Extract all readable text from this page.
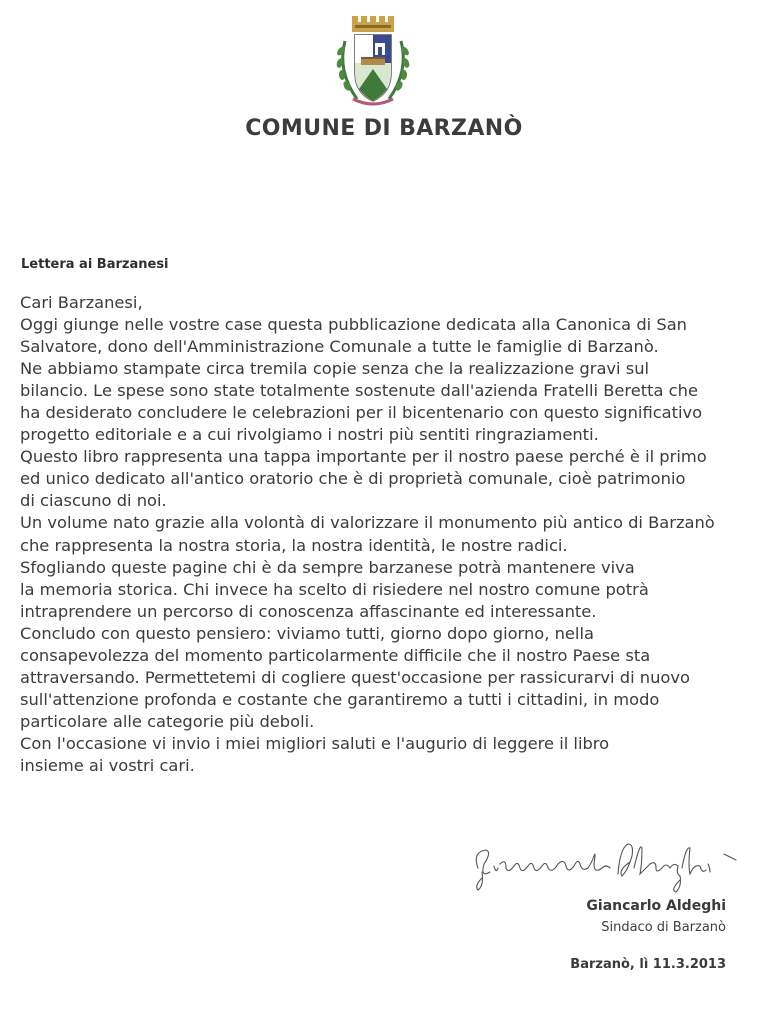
COMUNE DI BARZANÒ
Lettera ai Barzanesi
Cari Barzanesi,
Oggi giunge nelle vostre case questa pubblicazione dedicata alla Canonica di San
Salvatore, dono dell'Amministrazione Comunale a tutte le famiglie di Barzanò.
Ne abbiamo stampate circa tremila copie senza che la realizzazione gravi sul
bilancio. Le spese sono state totalmente sostenute dall'azienda Fratelli Beretta che
ha desiderato concludere le celebrazioni per il bicentenario con questo significativo
progetto editoriale e a cui rivolgiamo i nostri più sentiti ringraziamenti.
Questo libro rappresenta una tappa importante per il nostro paese perché è il primo
ed unico dedicato all'antico oratorio che è di proprietà comunale, cioè patrimonio
di ciascuno di noi.
Un volume nato grazie alla volontà di valorizzare il monumento più antico di Barzanò
che rappresenta la nostra storia, la nostra identità, le nostre radici.
Sfogliando queste pagine chi è da sempre barzanese potrà mantenere viva
la memoria storica. Chi invece ha scelto di risiedere nel nostro comune potrà
intraprendere un percorso di conoscenza affascinante ed interessante.
Concludo con questo pensiero: viviamo tutti, giorno dopo giorno, nella
consapevolezza del momento particolarmente difficile che il nostro Paese sta
attraversando. Permettetemi di cogliere quest'occasione per rassicurarvi di nuovo
sull'attenzione profonda e costante che garantiremo a tutti i cittadini, in modo
particolare alle categorie più deboli.
Con l'occasione vi invio i miei migliori saluti e l'augurio di leggere il libro
insieme ai vostri cari.
Giancarlo Aldeghi
Sindaco di Barzanò
Barzanò, lì 11.3.2013
